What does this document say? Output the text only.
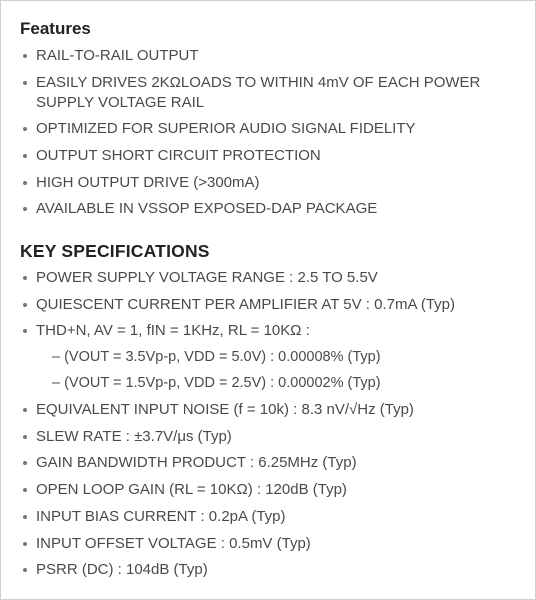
Features
RAIL-TO-RAIL OUTPUT
EASILY DRIVES 2KΩLOADS TO WITHIN 4mV OF EACH POWER SUPPLY VOLTAGE RAIL
OPTIMIZED FOR SUPERIOR AUDIO SIGNAL FIDELITY
OUTPUT SHORT CIRCUIT PROTECTION
HIGH OUTPUT DRIVE (>300mA)
AVAILABLE IN VSSOP EXPOSED-DAP PACKAGE
KEY SPECIFICATIONS
POWER SUPPLY VOLTAGE RANGE : 2.5 TO 5.5V
QUIESCENT CURRENT PER AMPLIFIER AT 5V : 0.7mA (Typ)
THD+N, AV = 1, fIN = 1KHz, RL = 10KΩ :
– (VOUT = 3.5Vp-p, VDD = 5.0V) : 0.00008% (Typ)
– (VOUT = 1.5Vp-p, VDD = 2.5V) : 0.00002% (Typ)
EQUIVALENT INPUT NOISE (f = 10k) : 8.3 nV/√Hz (Typ)
SLEW RATE : ±3.7V/μs (Typ)
GAIN BANDWIDTH PRODUCT : 6.25MHz (Typ)
OPEN LOOP GAIN (RL = 10KΩ) : 120dB (Typ)
INPUT BIAS CURRENT : 0.2pA (Typ)
INPUT OFFSET VOLTAGE : 0.5mV (Typ)
PSRR (DC) : 104dB (Typ)
